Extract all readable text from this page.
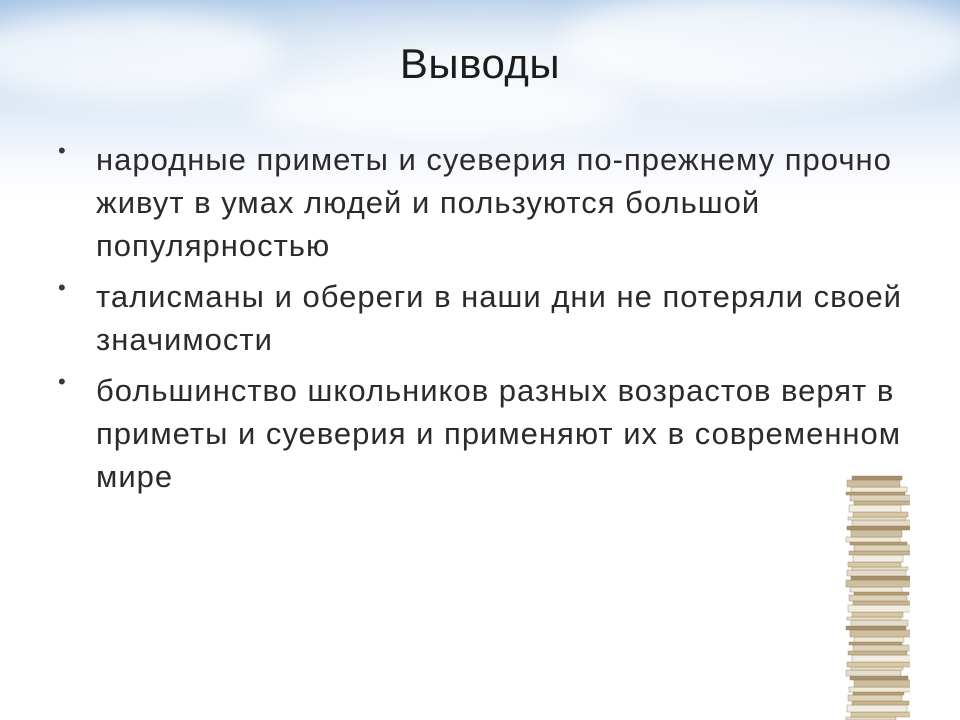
Выводы
• народные приметы и суеверия по-прежнему прочно живут в умах людей и пользуются большой популярностью
• талисманы и обереги в наши дни не потеряли своей значимости
• большинство школьников разных возрастов верят в приметы и суеверия и применяют их в современном мире
